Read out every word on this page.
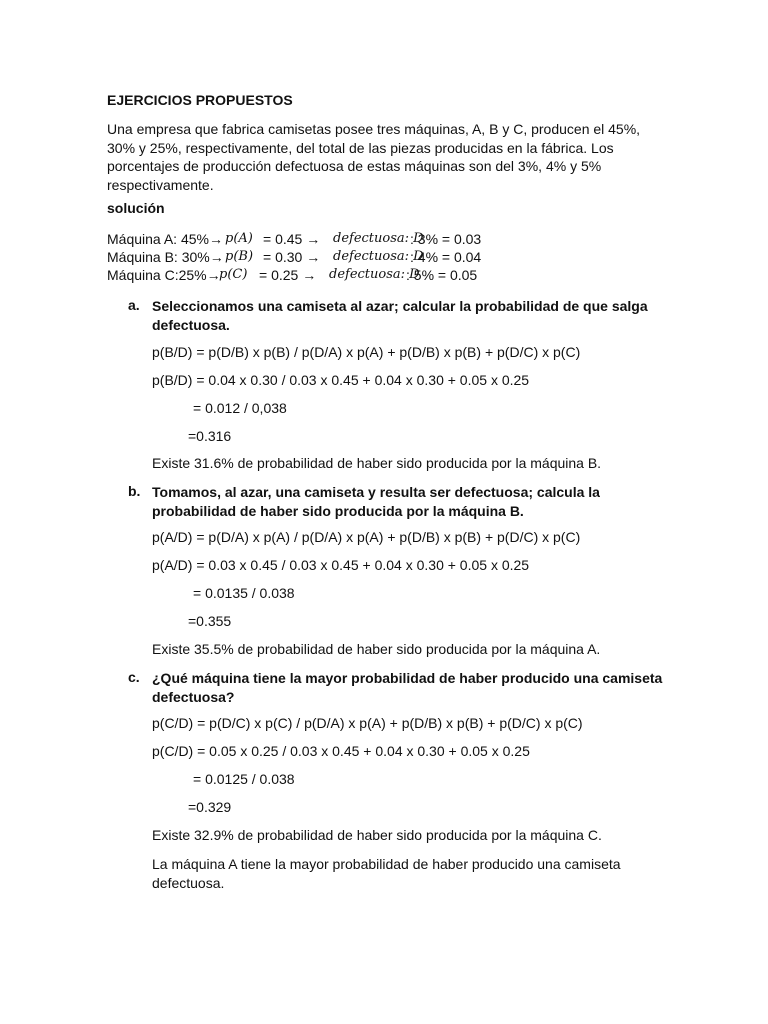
EJERCICIOS PROPUESTOS
Una empresa que fabrica camisetas posee tres máquinas, A, B y C, producen el 45%,
30% y 25%, respectivamente, del total de las piezas producidas en la fábrica. Los
porcentajes de producción defectuosa de estas máquinas son del 3%, 4% y 5%
respectivamente.
solución
Máquina A: 45%→ p(A) = 0.45 → defectuosa: D
: 3% = 0.03
Máquina B: 30%→ p(B) = 0.30 → defectuosa: D
: 4% = 0.04
Máquina C:25%→
p(C) = 0.25 → defectuosa: D
: 5% = 0.05
a. Seleccionamos una camiseta al azar; calcular la probabilidad de que salga
defectuosa.
p(B/D) = p(D/B) x p(B) / p(D/A) x p(A) + p(D/B) x p(B) + p(D/C) x p(C)
p(B/D) = 0.04 x 0.30 / 0.03 x 0.45 + 0.04 x 0.30 + 0.05 x 0.25
= 0.012 / 0,038
=0.316
Existe 31.6% de probabilidad de haber sido producida por la máquina B.
b. Tomamos, al azar, una camiseta y resulta ser defectuosa; calcula la
probabilidad de haber sido producida por la máquina B.
p(A/D) = p(D/A) x p(A) / p(D/A) x p(A) + p(D/B) x p(B) + p(D/C) x p(C)
p(A/D) = 0.03 x 0.45 / 0.03 x 0.45 + 0.04 x 0.30 + 0.05 x 0.25
= 0.0135 / 0.038
=0.355
Existe 35.5% de probabilidad de haber sido producida por la máquina A.
c. ¿Qué máquina tiene la mayor probabilidad de haber producido una camiseta
defectuosa?
p(C/D) = p(D/C) x p(C) / p(D/A) x p(A) + p(D/B) x p(B) + p(D/C) x p(C)
p(C/D) = 0.05 x 0.25 / 0.03 x 0.45 + 0.04 x 0.30 + 0.05 x 0.25
= 0.0125 / 0.038
=0.329
Existe 32.9% de probabilidad de haber sido producida por la máquina C.
La máquina A tiene la mayor probabilidad de haber producido una camiseta
defectuosa.
